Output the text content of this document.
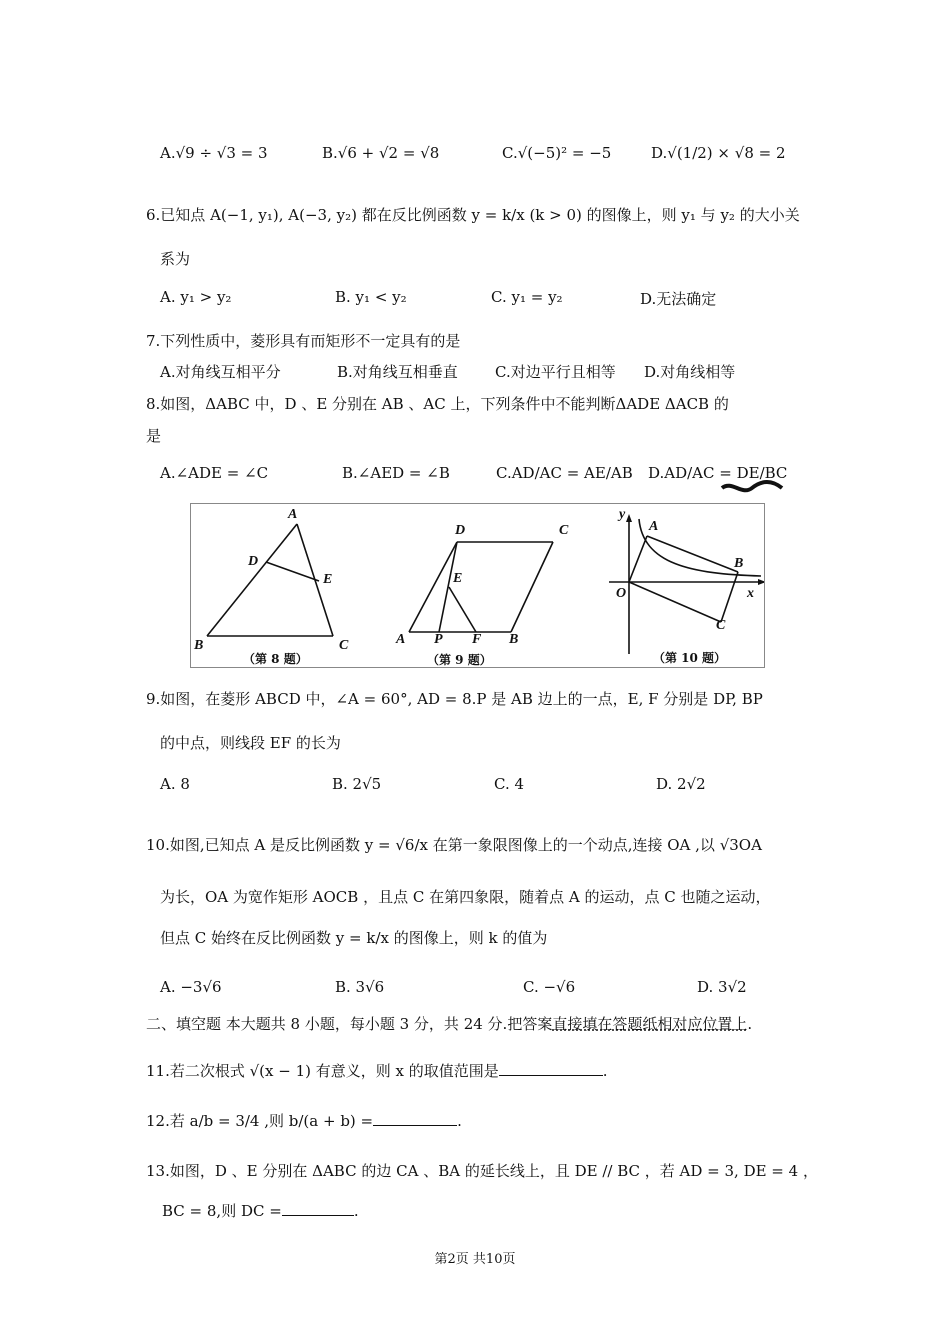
A.√9 ÷ √3 = 3	B.√6 + √2 = √8	C.√(−5)² = −5	D.√(1/2) × √8 = 2
6.已知点 A(−1, y₁), A(−3, y₂) 都在反比例函数 y = k/x (k > 0) 的图像上，则 y₁ 与 y₂ 的大小关
系为
A. y₁ > y₂	B. y₁ < y₂	C. y₁ = y₂	D.无法确定
7.下列性质中，菱形具有而矩形不一定具有的是
A.对角线互相平分	B.对角线互相垂直 C.对边平行且相等 D.对角线相等
8.如图，ΔABC 中，D 、E 分别在 AB 、AC 上，下列条件中不能判断ΔADE ΔACB 的
是
A.∠ADE = ∠C	B.∠AED = ∠B	C.AD/AC = AE/AB D.AD/AC = DE/BC
A
D
E
B	C
（第 8 题）
D	C
E
A P F B
（第 9 题）
y
A
B
O	x
C
（第 10 题）
9.如图，在菱形 ABCD 中，∠A = 60°, AD = 8.P 是 AB 边上的一点，E, F 分别是 DP, BP
的中点，则线段 EF 的长为
A. 8	B. 2√5	C. 4	D. 2√2
10.如图,已知点 A 是反比例函数 y = √6/x 在第一象限图像上的一个动点,连接 OA ,以 √3OA
为长，OA 为宽作矩形 AOCB ，且点 C 在第四象限，随着点 A 的运动，点 C 也随之运动，
但点 C 始终在反比例函数 y = k/x 的图像上，则 k 的值为
A. −3√6	B. 3√6	C. −√6	D. 3√2
二、填空题 本大题共 8 小题，每小题 3 分，共 24 分.把答案直接填在答题纸相对应位置上.
11.若二次根式 √(x − 1) 有意义，则 x 的取值范围是	.
12.若 a/b = 3/4 ,则 b/(a + b) =	.
13.如图，D 、E 分别在 ΔABC 的边 CA 、BA 的延长线上，且 DE // BC ，若 AD = 3, DE = 4 ，
BC = 8,则 DC =	.
第2页 共10页
